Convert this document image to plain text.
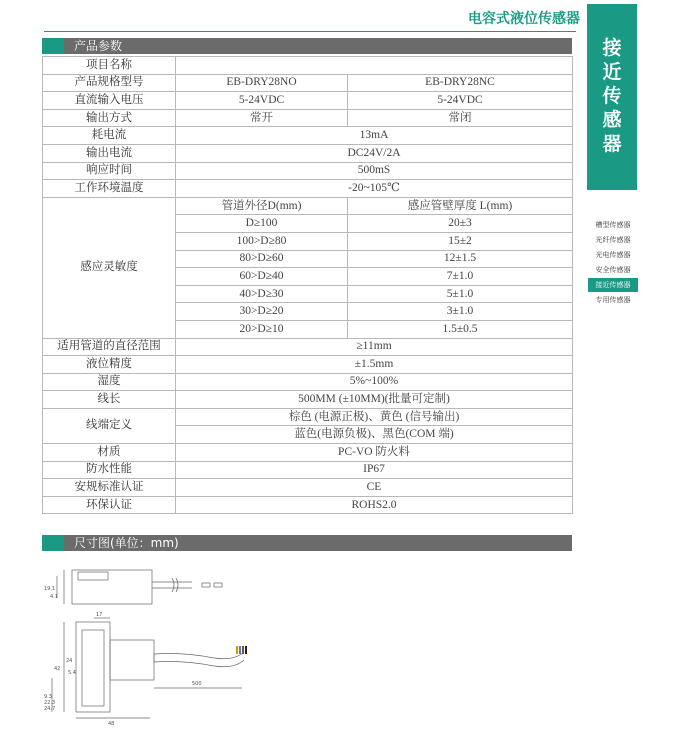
电容式液位传感器
接
近
传
感
器
槽型传感器
光纤传感器
光电传感器
安全传感器
接近传感器
专用传感器
产品参数
项目名称		
产品规格型号	EB-DRY28NO	EB-DRY28NC
直流输入电压	5-24VDC	5-24VDC
输出方式	常开	常闭
耗电流	13mA	
输出电流	DC24V/2A	
响应时间	500mS	
工作环境温度	-20~105℃	
感应灵敏度	管道外径D(mm)	感应管壁厚度 L(mm)
	D≥100	20±3
	100>D≥80	15±2
	80>D≥60	12±1.5
	60>D≥40	7±1.0
	40>D≥30	5±1.0
	30>D≥20	3±1.0
	20>D≥10	1.5±0.5
适用管道的直径范围	≥11mm	
液位精度	±1.5mm	
湿度	5%~100%	
线长	500MM (±10MM)(批量可定制)	
线端定义	棕色 (电源正极)、黄色 (信号输出)	
	蓝色(电源负极)、黑色(COM 端)	
材质	PC-VO 防火料	
防水性能	IP67	
安规标准认证	CE	
环保认证	ROHS2.0	
尺寸图(单位：mm)
19.1
4.1
17
42
24
5.4
500
9.3
22.3
24.7
48
